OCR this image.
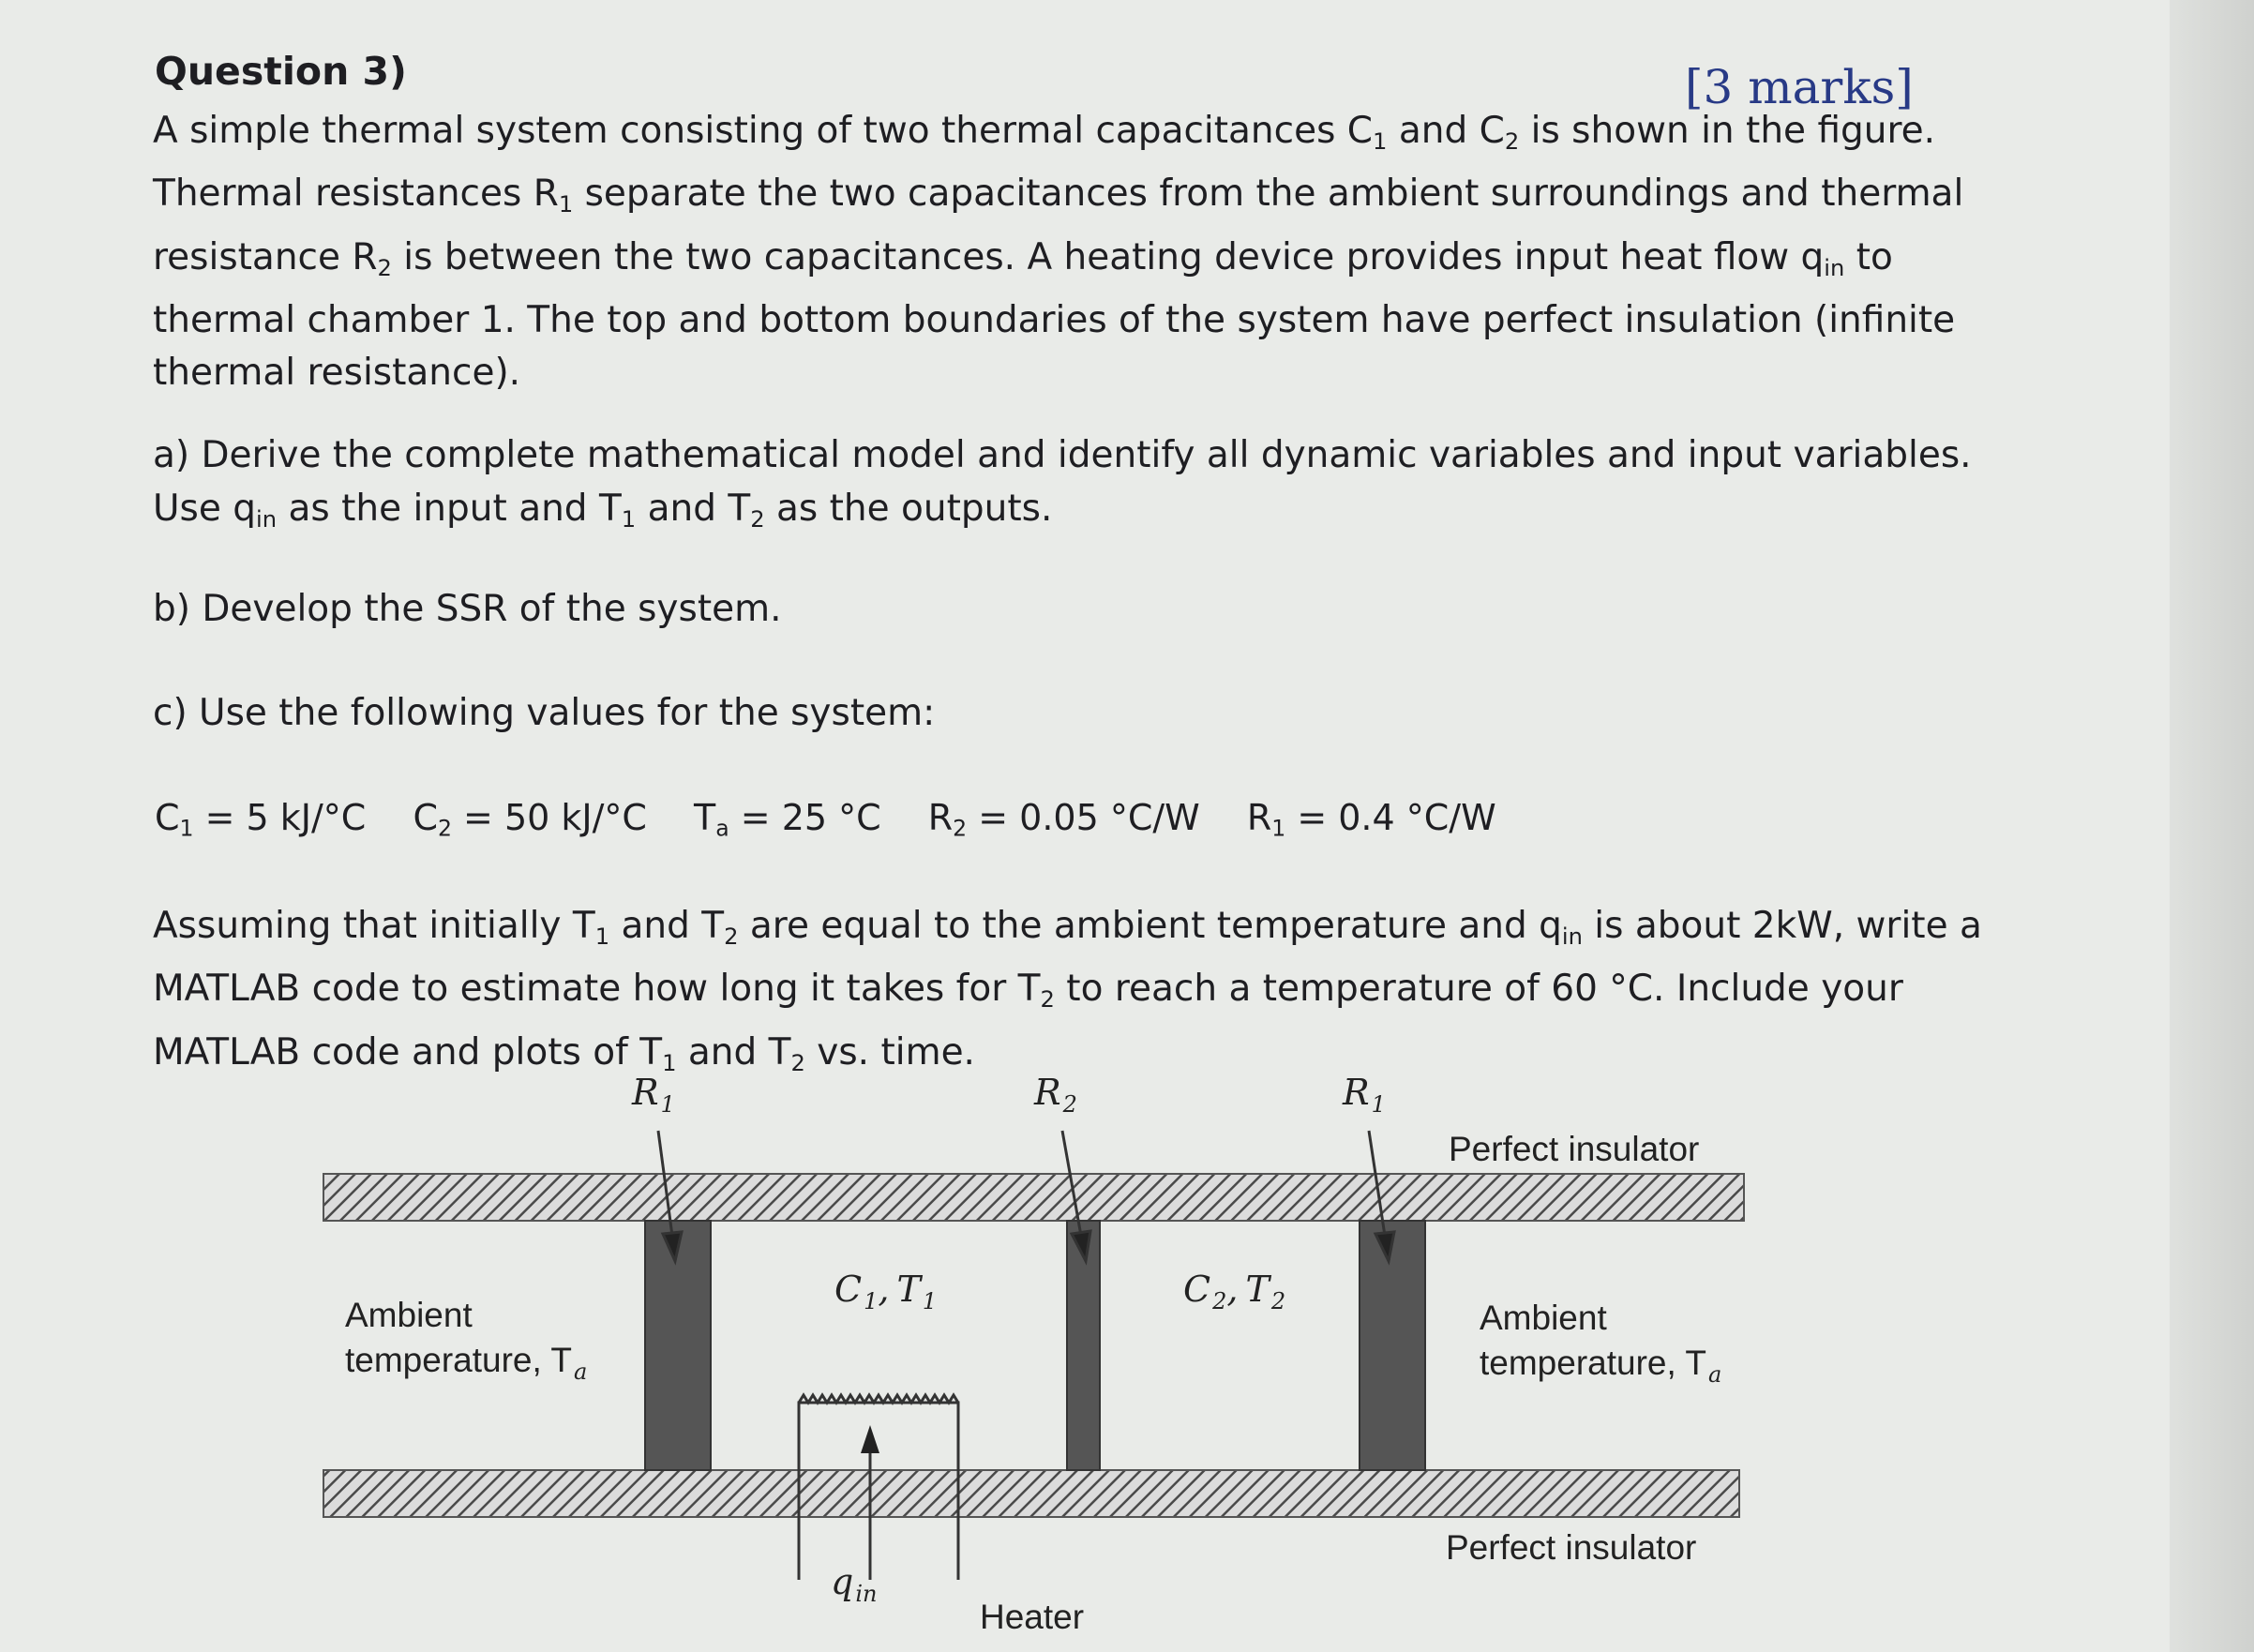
Question 3)	[3 marks]

A simple thermal system consisting of two thermal capacitances C1 and C2 is shown in the figure.
Thermal resistances R1 separate the two capacitances from the ambient surroundings and thermal
resistance R2 is between the two capacitances. A heating device provides input heat flow qin to
thermal chamber 1. The top and bottom boundaries of the system have perfect insulation (infinite
thermal resistance).

a) Derive the complete mathematical model and identify all dynamic variables and input variables.
Use qin as the input and T1 and T2 as the outputs.

b) Develop the SSR of the system.

c) Use the following values for the system:

C1 = 5 kJ/°C C2 = 50 kJ/°C Ta = 25 °C R2 = 0.05 °C/W R1 = 0.4 °C/W

Assuming that initially T1 and T2 are equal to the ambient temperature and qin is about 2kW, write a
MATLAB code to estimate how long it takes for T2 to reach a temperature of 60 °C. Include your
MATLAB code and plots of T1 and T2 vs. time.

$R_1$	$R_2$	$R_1$
$C_1$, $T_1$	$C_2$, $T_2$
Ambient
temperature, $T_a$
Ambient
temperature, $T_a$
Perfect insulator
Perfect insulator
$q_{in}$
Heater
